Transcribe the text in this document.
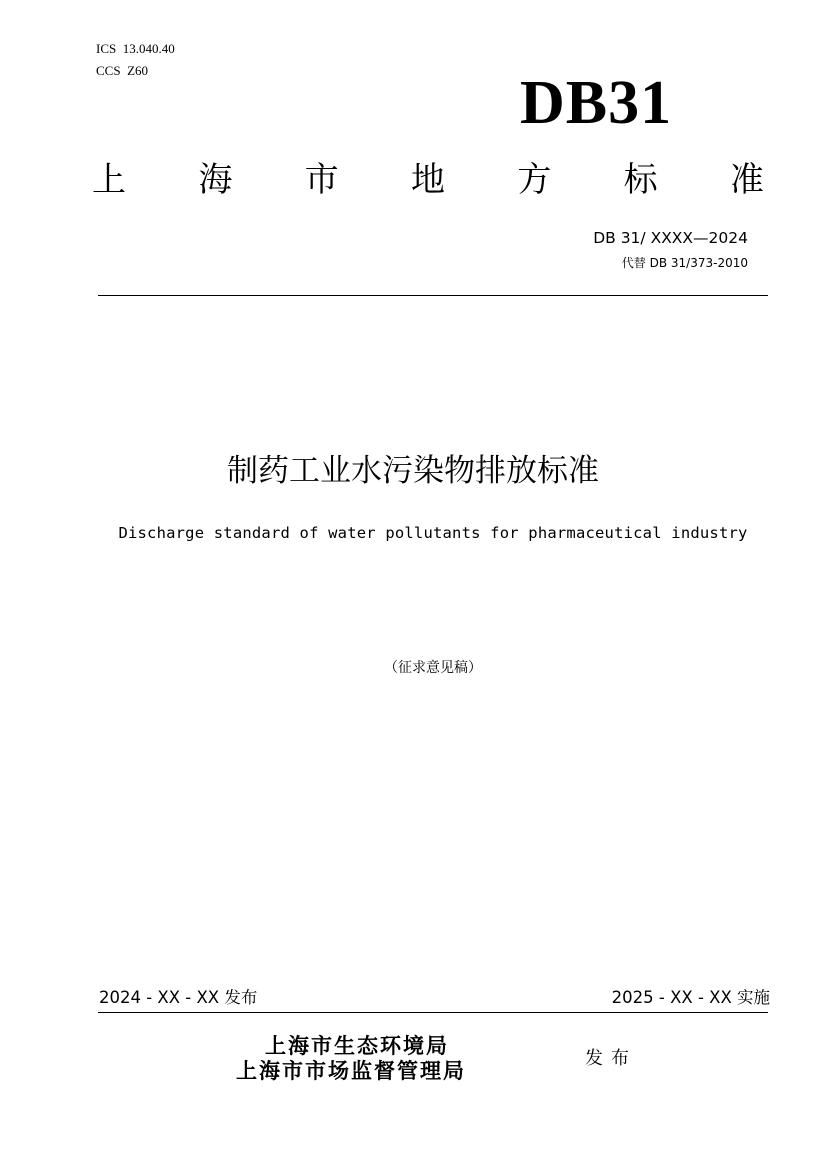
ICS  13.040.40
CCS  Z60	DB31
上 海 市 地 方 标 准
DB 31/ XXXX—2024
代替 DB 31/373-2010
制药工业水污染物排放标准
Discharge standard of water pollutants for pharmaceutical industry
（征求意见稿）
2024 - XX - XX 发布	2025 - XX - XX 实施
上海市生态环境局
上海市市场监督管理局
发布
